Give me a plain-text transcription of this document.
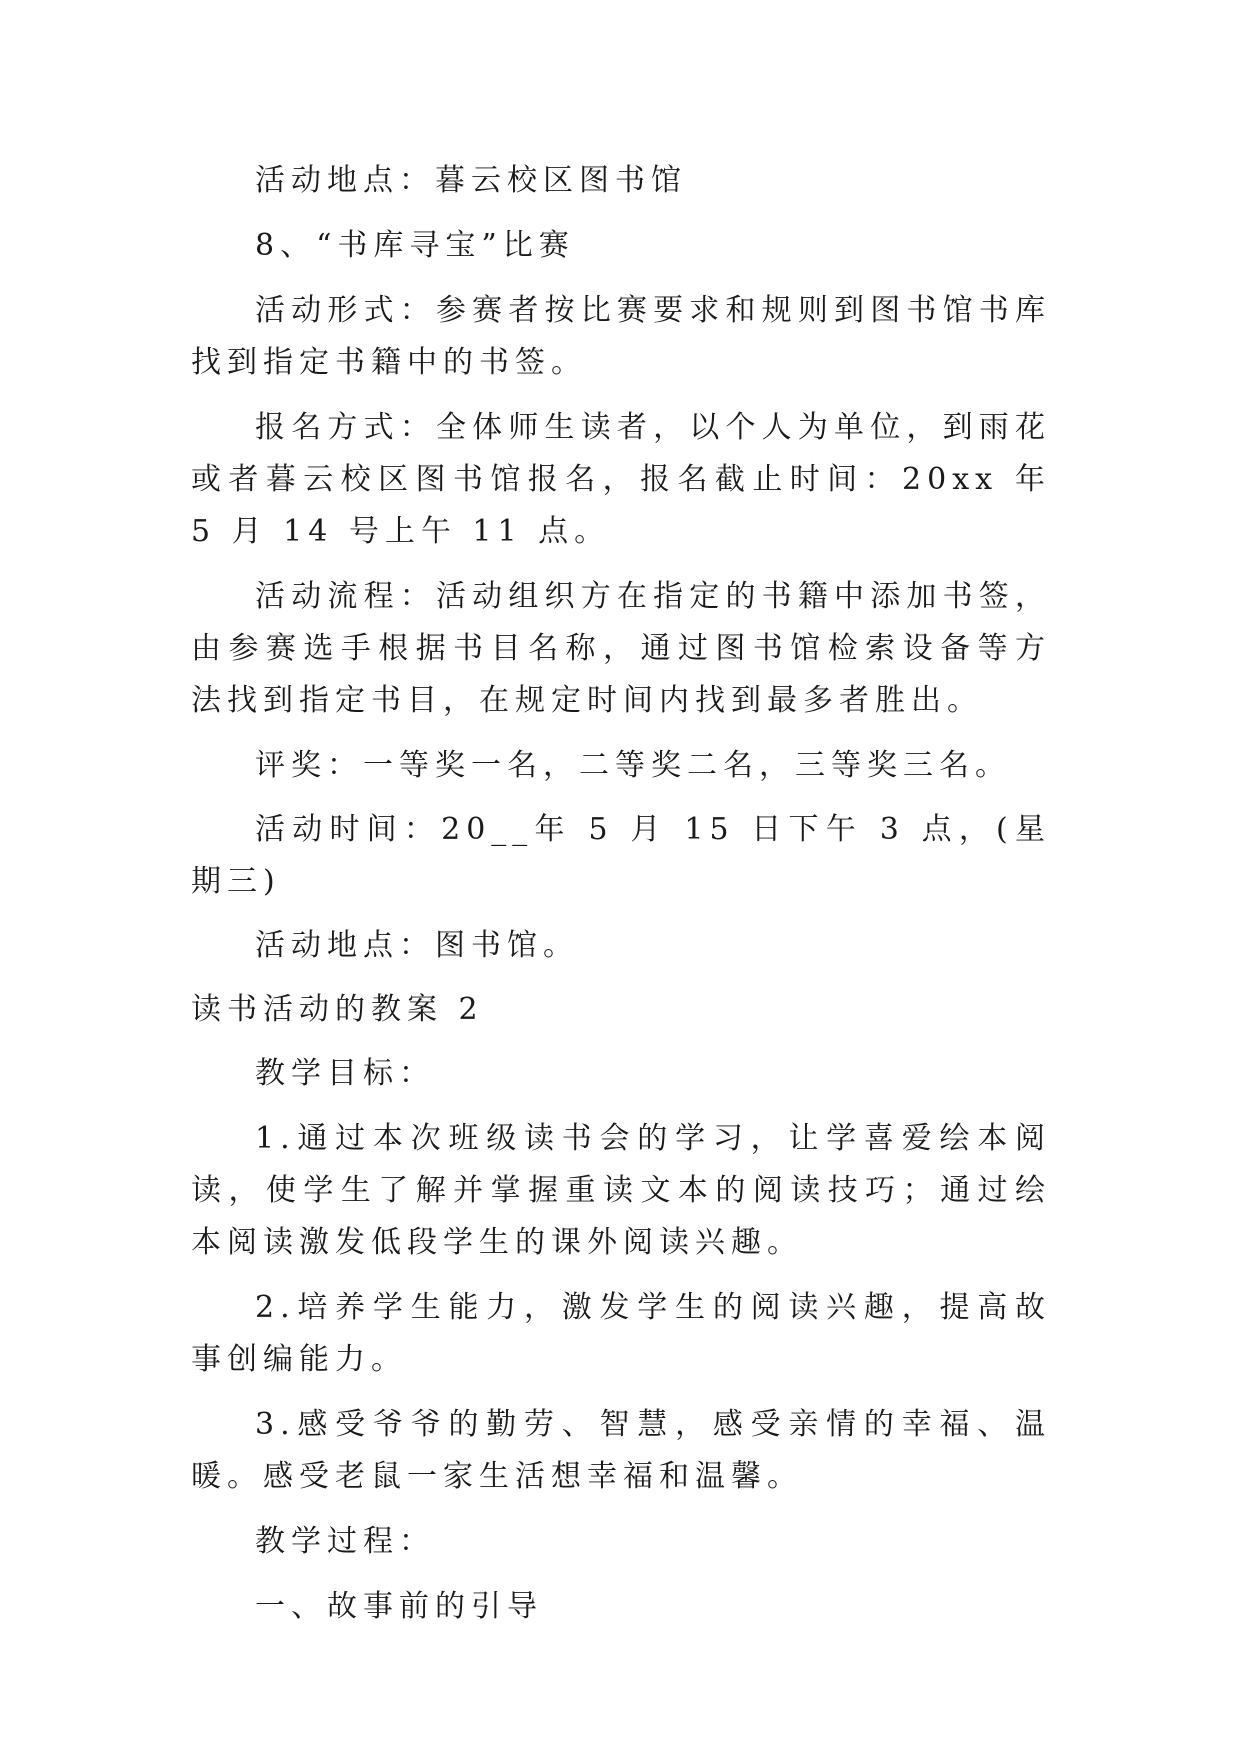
活动地点：暮云校区图书馆

8、“书库寻宝”比赛

活动形式：参赛者按比赛要求和规则到图书馆书库找到指定书籍中的书签。

报名方式：全体师生读者，以个人为单位，到雨花或者暮云校区图书馆报名，报名截止时间：20xx 年 5 月 14 号上午 11 点。

活动流程：活动组织方在指定的书籍中添加书签，由参赛选手根据书目名称，通过图书馆检索设备等方法找到指定书目，在规定时间内找到最多者胜出。

评奖：一等奖一名，二等奖二名，三等奖三名。

活动时间：20__年 5 月 15 日下午 3 点，(星期三)

活动地点：图书馆。

读书活动的教案 2

教学目标：

1.通过本次班级读书会的学习，让学喜爱绘本阅读，使学生了解并掌握重读文本的阅读技巧；通过绘本阅读激发低段学生的课外阅读兴趣。

2.培养学生能力，激发学生的阅读兴趣，提高故事创编能力。

3.感受爷爷的勤劳、智慧，感受亲情的幸福、温暖。感受老鼠一家生活想幸福和温馨。

教学过程：

一、故事前的引导
